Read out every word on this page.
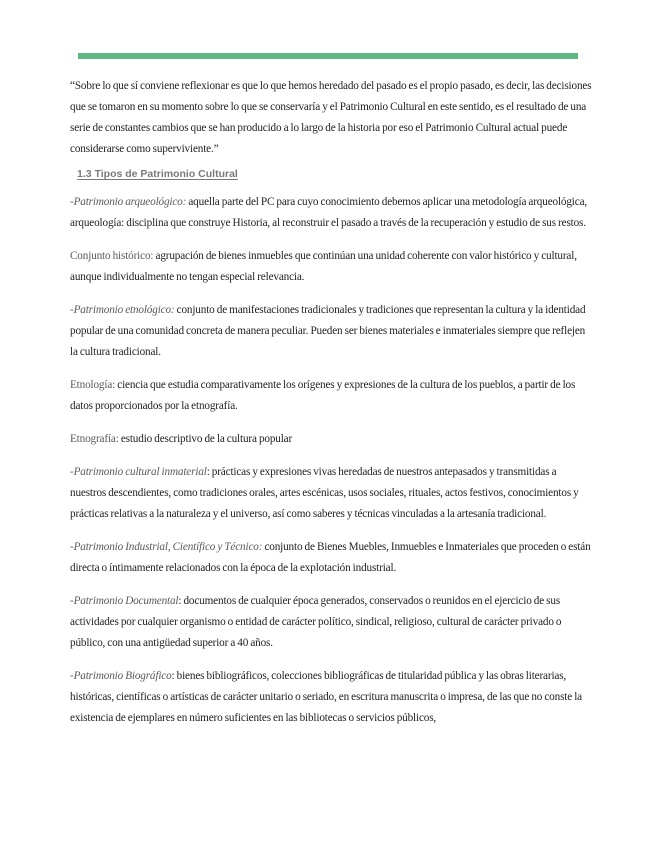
“Sobre lo que sí conviene reflexionar es que lo que hemos heredado del pasado es el propio pasado, es decir, las decisiones que se tomaron en su momento sobre lo que se conservaría y el Patrimonio Cultural en este sentido, es el resultado de una serie de constantes cambios que se han producido a lo largo de la historia por eso el Patrimonio Cultural actual puede considerarse como superviviente.”

1.3 Tipos de Patrimonio Cultural

-Patrimonio arqueológico: aquella parte del PC para cuyo conocimiento debemos aplicar una metodología arqueológica, arqueología: disciplina que construye Historia, al reconstruir el pasado a través de la recuperación y estudio de sus restos.

Conjunto histórico: agrupación de bienes inmuebles que continúan una unidad coherente con valor histórico y cultural, aunque individualmente no tengan especial relevancia.

-Patrimonio etnológico: conjunto de manifestaciones tradicionales y tradiciones que representan la cultura y la identidad popular de una comunidad concreta de manera peculiar. Pueden ser bienes materiales e inmateriales siempre que reflejen la cultura tradicional.

Etnología: ciencia que estudia comparativamente los orígenes y expresiones de la cultura de los pueblos, a partir de los datos proporcionados por la etnografía.

Etnografía: estudio descriptivo de la cultura popular

-Patrimonio cultural inmaterial: prácticas y expresiones vivas heredadas de nuestros antepasados y transmitidas a nuestros descendientes, como tradiciones orales, artes escénicas, usos sociales, rituales, actos festivos, conocimientos y prácticas relativas a la naturaleza y el universo, así como saberes y técnicas vinculadas a la artesanía tradicional.

-Patrimonio Industrial, Científico y Técnico: conjunto de Bienes Muebles, Inmuebles e Inmateriales que proceden o están directa o íntimamente relacionados con la época de la explotación industrial.

-Patrimonio Documental: documentos de cualquier época generados, conservados o reunidos en el ejercicio de sus actividades por cualquier organismo o entidad de carácter político, sindical, religioso, cultural de carácter privado o público, con una antigüedad superior a 40 años.

-Patrimonio Biográfico: bienes bibliográficos, colecciones bibliográficas de titularidad pública y las obras literarias, históricas, científicas o artísticas de carácter unitario o seriado, en escritura manuscrita o impresa, de las que no conste la existencia de ejemplares en número suficientes en las bibliotecas o servicios públicos,
